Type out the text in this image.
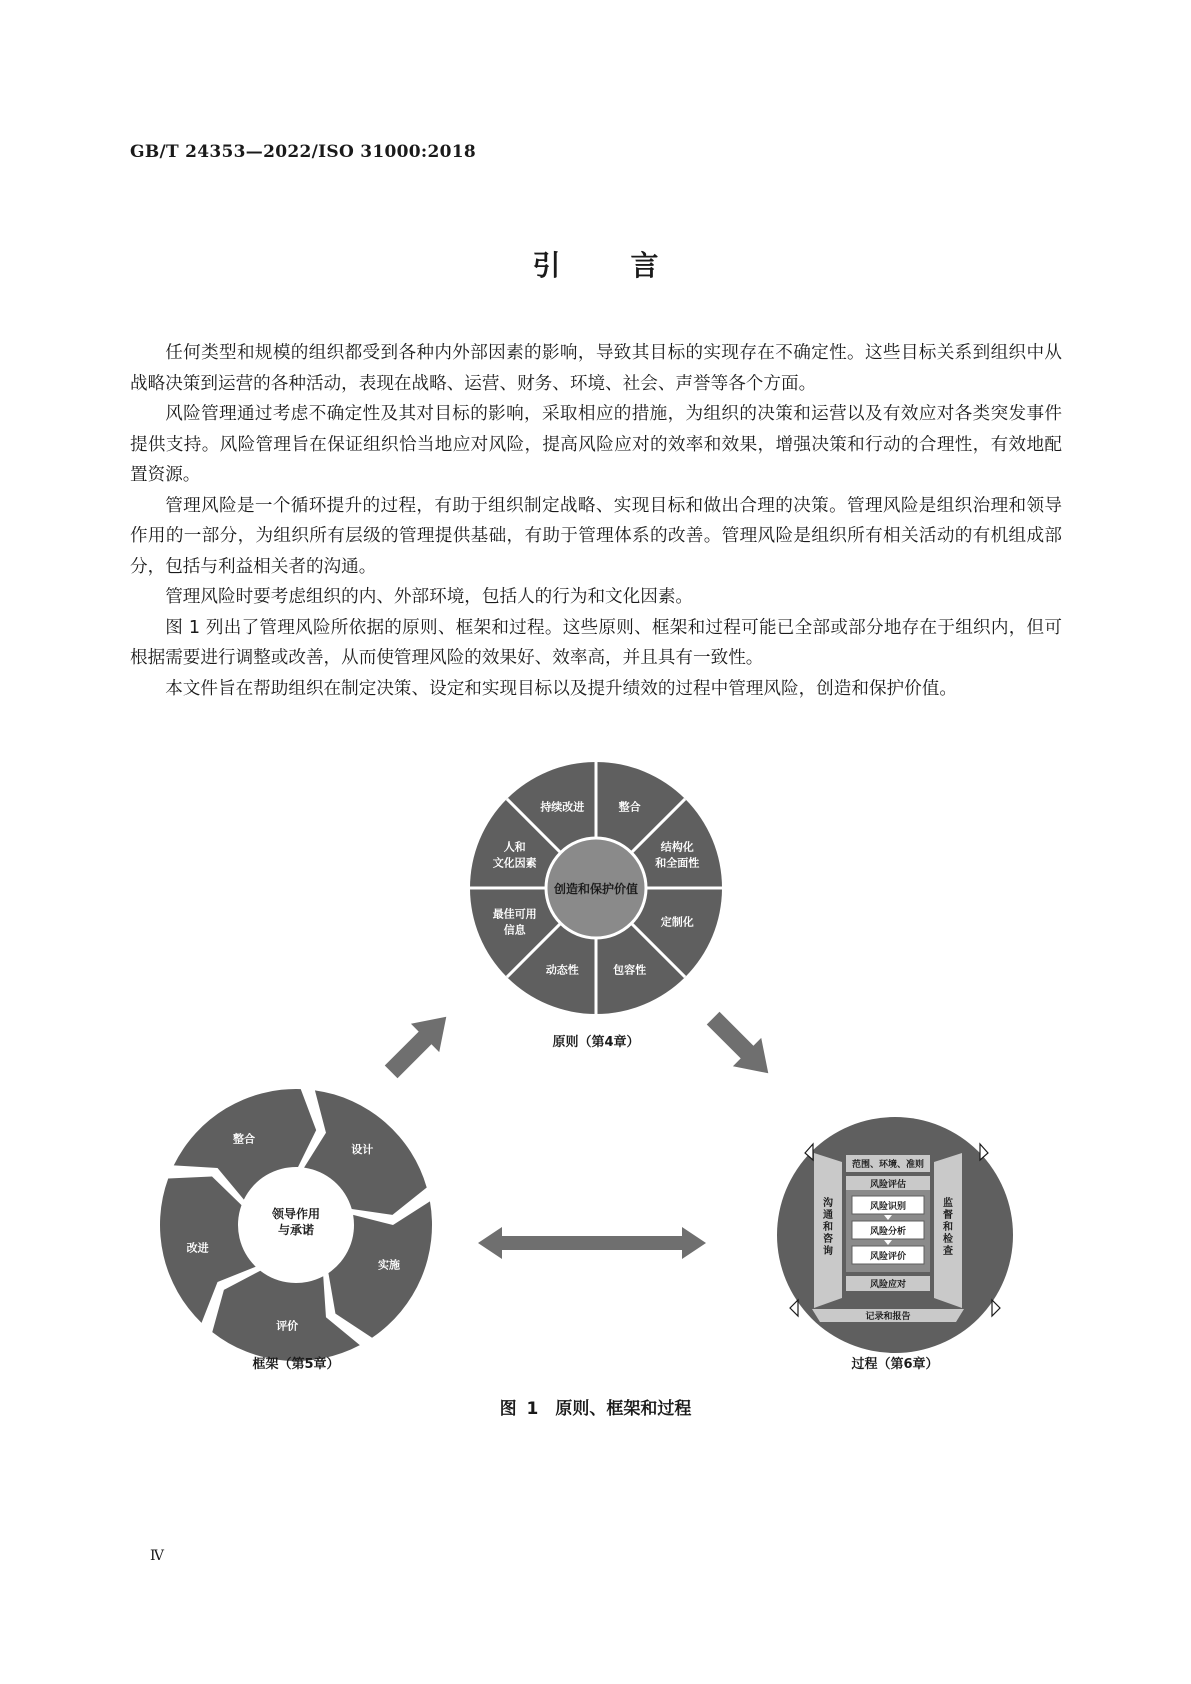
GB/T 24353—2022/ISO 31000:2018
引言

任何类型和规模的组织都受到各种内外部因素的影响，导致其目标的实现存在不确定性。这些目标关系到组织中从战略决策到运营的各种活动，表现在战略、运营、财务、环境、社会、声誉等各个方面。

风险管理通过考虑不确定性及其对目标的影响，采取相应的措施，为组织的决策和运营以及有效应对各类突发事件提供支持。风险管理旨在保证组织恰当地应对风险，提高风险应对的效率和效果，增强决策和行动的合理性，有效地配置资源。

管理风险是一个循环提升的过程，有助于组织制定战略、实现目标和做出合理的决策。管理风险是组织治理和领导作用的一部分，为组织所有层级的管理提供基础，有助于管理体系的改善。管理风险是组织所有相关活动的有机组成部分，包括与利益相关者的沟通。

管理风险时要考虑组织的内、外部环境，包括人的行为和文化因素。

图 1 列出了管理风险所依据的原则、框架和过程。这些原则、框架和过程可能已全部或部分地存在于组织内，但可根据需要进行调整或改善，从而使管理风险的效果好、效率高，并且具有一致性。

本文件旨在帮助组织在制定决策、设定和实现目标以及提升绩效的过程中管理风险，创造和保护价值。

创造和保护价值
整合
结构化
和全面性
定制化
包容性
动态性
最佳可用
信息
人和
文化因素
持续改进
原则（第4章）
领导作用
与承诺
设计
实施
评价
改进
整合
框架（第5章）
范围、环境、准则
风险评估
风险识别
风险分析
风险评价
风险应对
记录和报告
沟
通
和
咨
询
监
督
和
检
查
过程（第6章）
图 1　原则、框架和过程
Ⅳ
